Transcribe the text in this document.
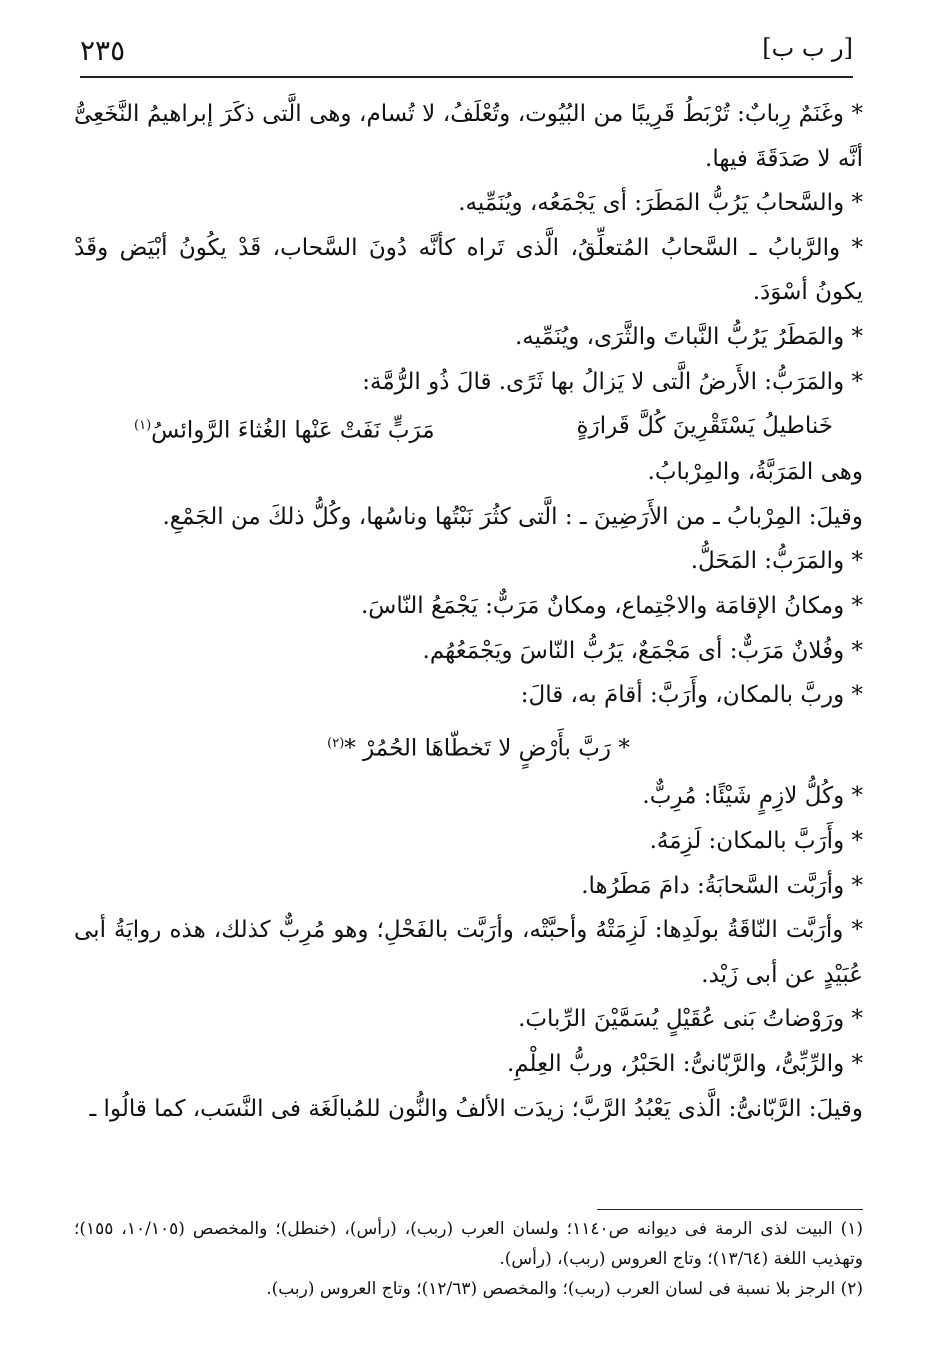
[ر ب ب]
٢٣٥
* وغَنَمٌ رِبابٌ: تُرْبَطُ قَرِيبًا من البُيُوت، وتُعْلَفُ، لا تُسام، وهى الَّتى ذكَرَ إبراهيمُ النَّخَعِىُّ أنَّه لا صَدَقَةَ فيها.
* والسَّحابُ يَرُبُّ المَطَرَ: أى يَجْمَعُه، ويُنَمِّيه.
* والرَّبابُ ـ السَّحابُ المُتعلِّقُ، الَّذى تَراه كأنَّه دُونَ السَّحاب، قَدْ يكُونُ أبْيَض وقَدْ يكونُ أسْوَدَ.
* والمَطَرُ يَرُبُّ النَّباتَ والثَّرَى، ويُنَمِّيه.
* والمَرَبُّ: الأَرضُ الَّتى لا يَزالُ بها ثَرًى. قالَ ذُو الرُّمَّة:
خَناطيلُ يَسْتَقْرِينَ كُلَّ قَرارَةٍ
مَرَبٍّ نَفَتْ عَنْها الغُثاءَ الرَّوائسُ$^{(١)}$
وهى المَرَبَّةُ، والمِرْبابُ.
وقيلَ: المِرْبابُ ـ من الأَرَضِينَ ـ : الَّتى كثُرَ نَبْتُها وناسُها، وكُلُّ ذلكَ من الجَمْعِ.
* والمَرَبُّ: المَحَلُّ.
* ومكانُ الإقامَة والاجْتِماع، ومكانٌ مَرَبٌّ: يَجْمَعُ النّاسَ.
* وفُلانٌ مَرَبٌّ: أى مَجْمَعٌ، يَرُبُّ النّاسَ ويَجْمَعُهُم.
* وربَّ بالمكان، وأَرَبَّ: أقامَ به، قالَ:
* رَبَّ بأَرْضٍ لا تَخطّاهَا الحُمُرْ *$^{(٢)}$
* وكُلُّ لازِمٍ شَيْئًا: مُرِبٌّ.
* وأَرَبَّ بالمكان: لَزِمَهُ.
* وأرَبَّت السَّحابَةُ: دامَ مَطَرُها.
* وأرَبَّت النّاقَةُ بولَدِها: لَزِمَتْهُ وأحبَّتْه، وأرَبَّت بالفَحْلِ؛ وهو مُرِبٌّ كذلك، هذه روايَةُ أبى عُبَيْدٍ عن أبى زَيْد.
* ورَوْضاتُ بَنى عُقَيْلٍ يُسَمَّيْنَ الرِّبابَ.
* والرِّبِّىُّ، والرَّبّانىُّ: الحَبْرُ، وربُّ العِلْمِ.
وقيلَ: الرَّبّانىُّ: الَّذى يَعْبُدُ الرَّبَّ؛ زيدَت الألفُ والنُّون للمُبالَغَة فى النَّسَب، كما قالُوا ـ
(١) البيت لذى الرمة فى ديوانه ص١١٤٠؛ ولسان العرب (ربب)، (رأس)، (خنطل)؛ والمخصص (١٠/١٠٥، ١٥٥)؛ وتهذيب اللغة (١٣/٦٤)؛ وتاج العروس (ربب)، (رأس).
(٢) الرجز بلا نسبة فى لسان العرب (ربب)؛ والمخصص (١٢/٦٣)؛ وتاج العروس (ربب).
